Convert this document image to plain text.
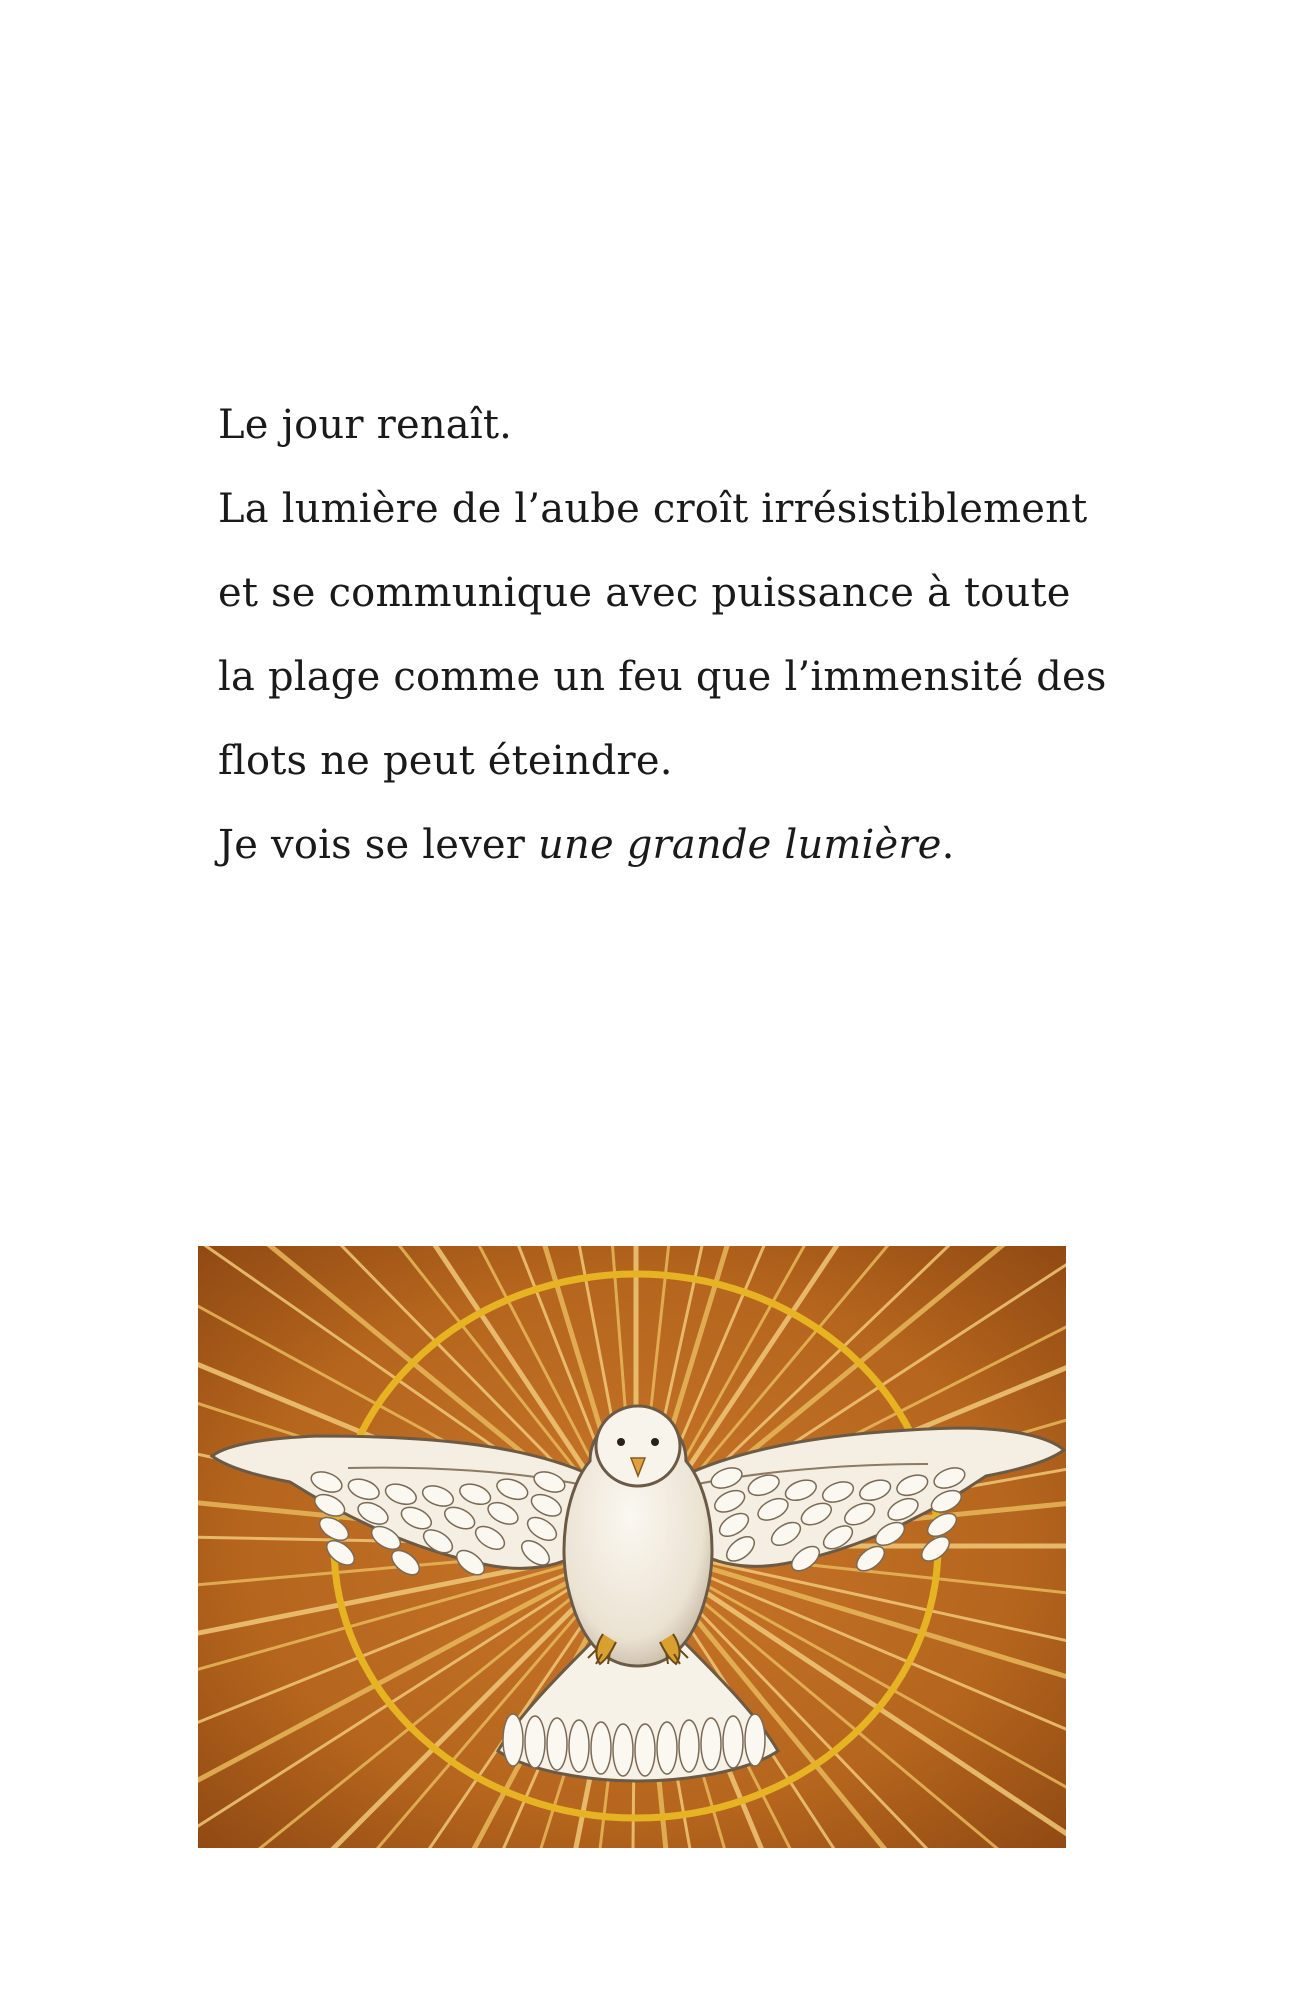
Le jour renaît.
La lumière de l’aube croît irrésistiblement
et se communique avec puissance à toute
la plage comme un feu que l’immensité des
flots ne peut éteindre.
Je vois se lever une grande lumière.
